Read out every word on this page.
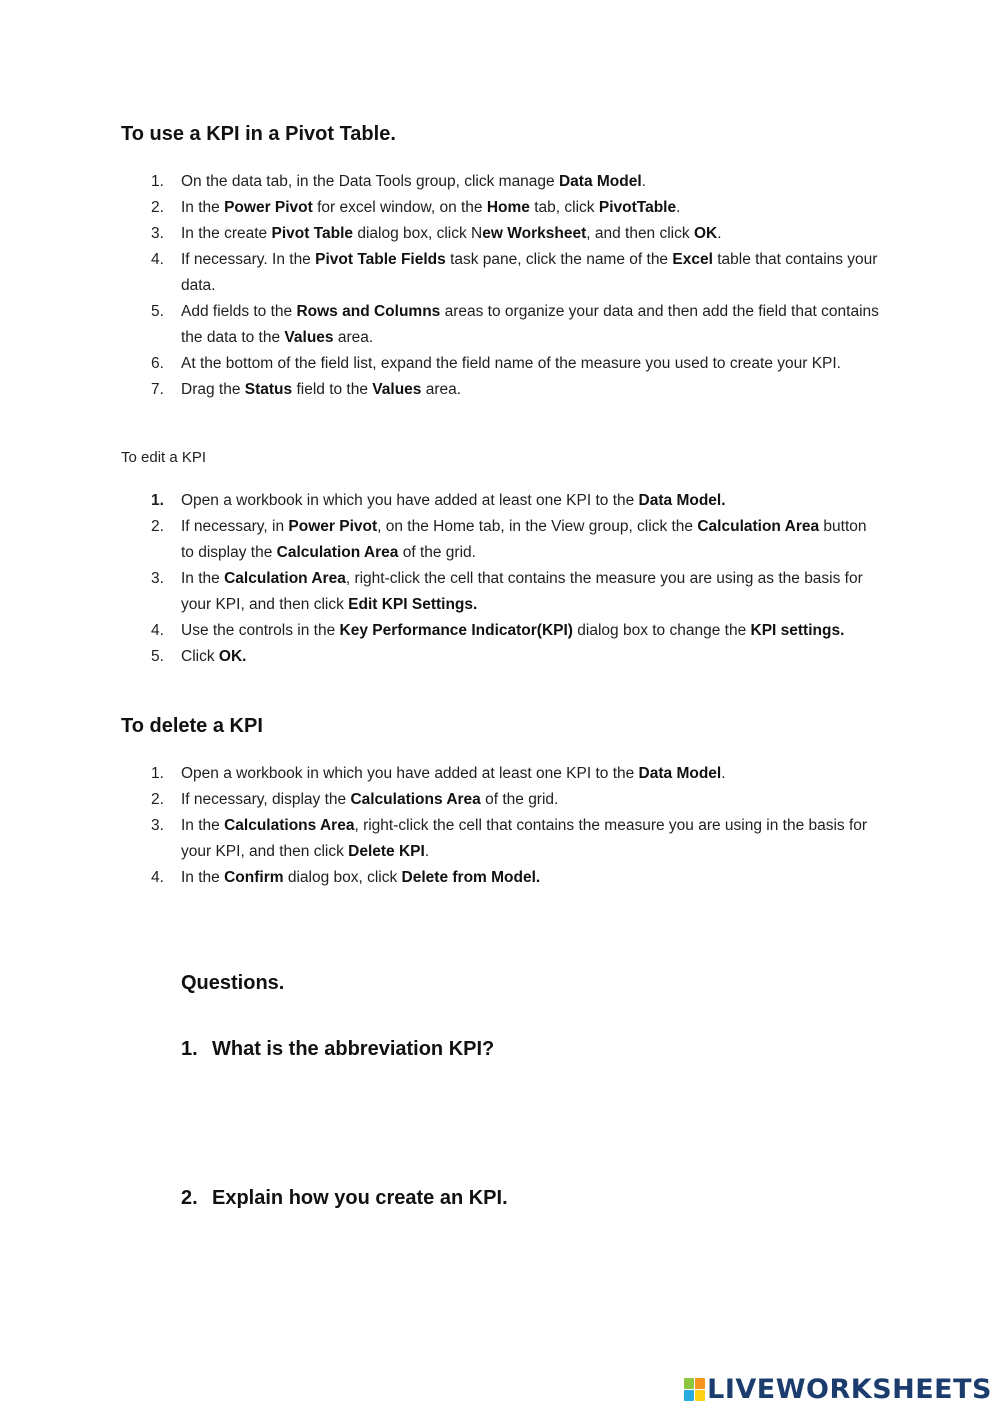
To use a KPI in a Pivot Table.
1.	On the data tab, in the Data Tools group, click manage Data Model.
2.	In the Power Pivot for excel window, on the Home tab, click PivotTable.
3.	In the create Pivot Table dialog box, click New Worksheet, and then click OK.
4.	If necessary. In the Pivot Table Fields task pane, click the name of the Excel table that contains your data.
5.	Add fields to the Rows and Columns areas to organize your data and then add the field that contains the data to the Values area.
6.	At the bottom of the field list, expand the field name of the measure you used to create your KPI.
7.	Drag the Status field to the Values area.

To edit a KPI

1.	Open a workbook in which you have added at least one KPI to the Data Model.
2.	If necessary, in Power Pivot, on the Home tab, in the View group, click the Calculation Area button to display the Calculation Area of the grid.
3.	In the Calculation Area, right-click the cell that contains the measure you are using as the basis for your KPI, and then click Edit KPI Settings.
4.	Use the controls in the Key Performance Indicator(KPI) dialog box to change the KPI settings.
5.	Click OK.
To delete a KPI
1.	Open a workbook in which you have added at least one KPI to the Data Model.
2.	If necessary, display the Calculations Area of the grid.
3.	In the Calculations Area, right-click the cell that contains the measure you are using in the basis for your KPI, and then click Delete KPI.
4.	In the Confirm dialog box, click Delete from Model.
Questions.

1. What is the abbreviation KPI?

2. Explain how you create an KPI.

LIVEWORKSHEETS
